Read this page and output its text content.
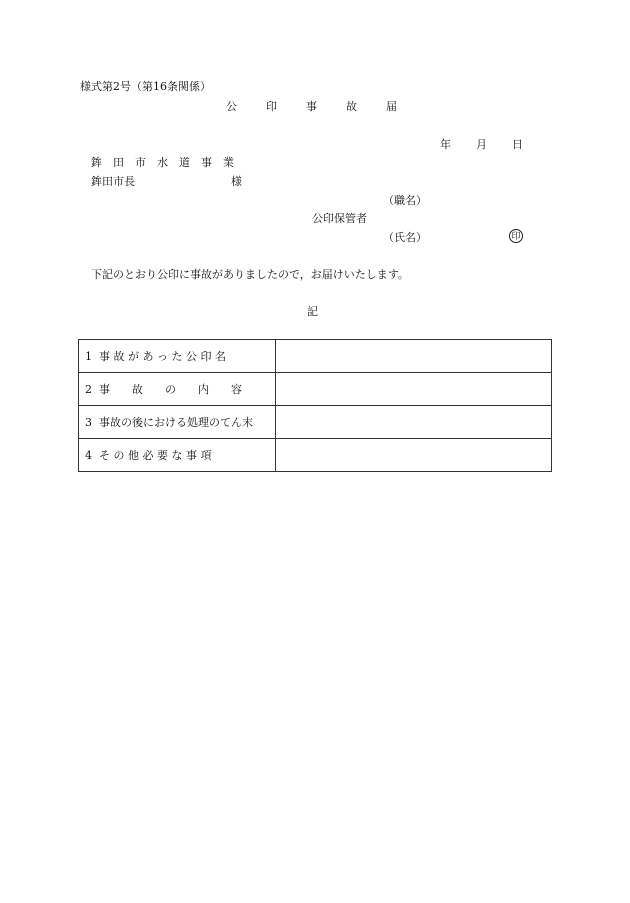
様式第2号（第16条関係）
公	印	事	故	届
年 月 日
鉾 田 市 水 道 事 業
鉾田市長	様
（職名）
公印保管者
（氏名）	印
下記のとおり公印に事故がありましたので，お届けいたします。
記
1 事 故 が あ っ た 公 印 名	

2 事　　故　　の　　内　　容	

3 事故の後における処理のてん末	

4 そ の 他 必 要 な 事 項	
